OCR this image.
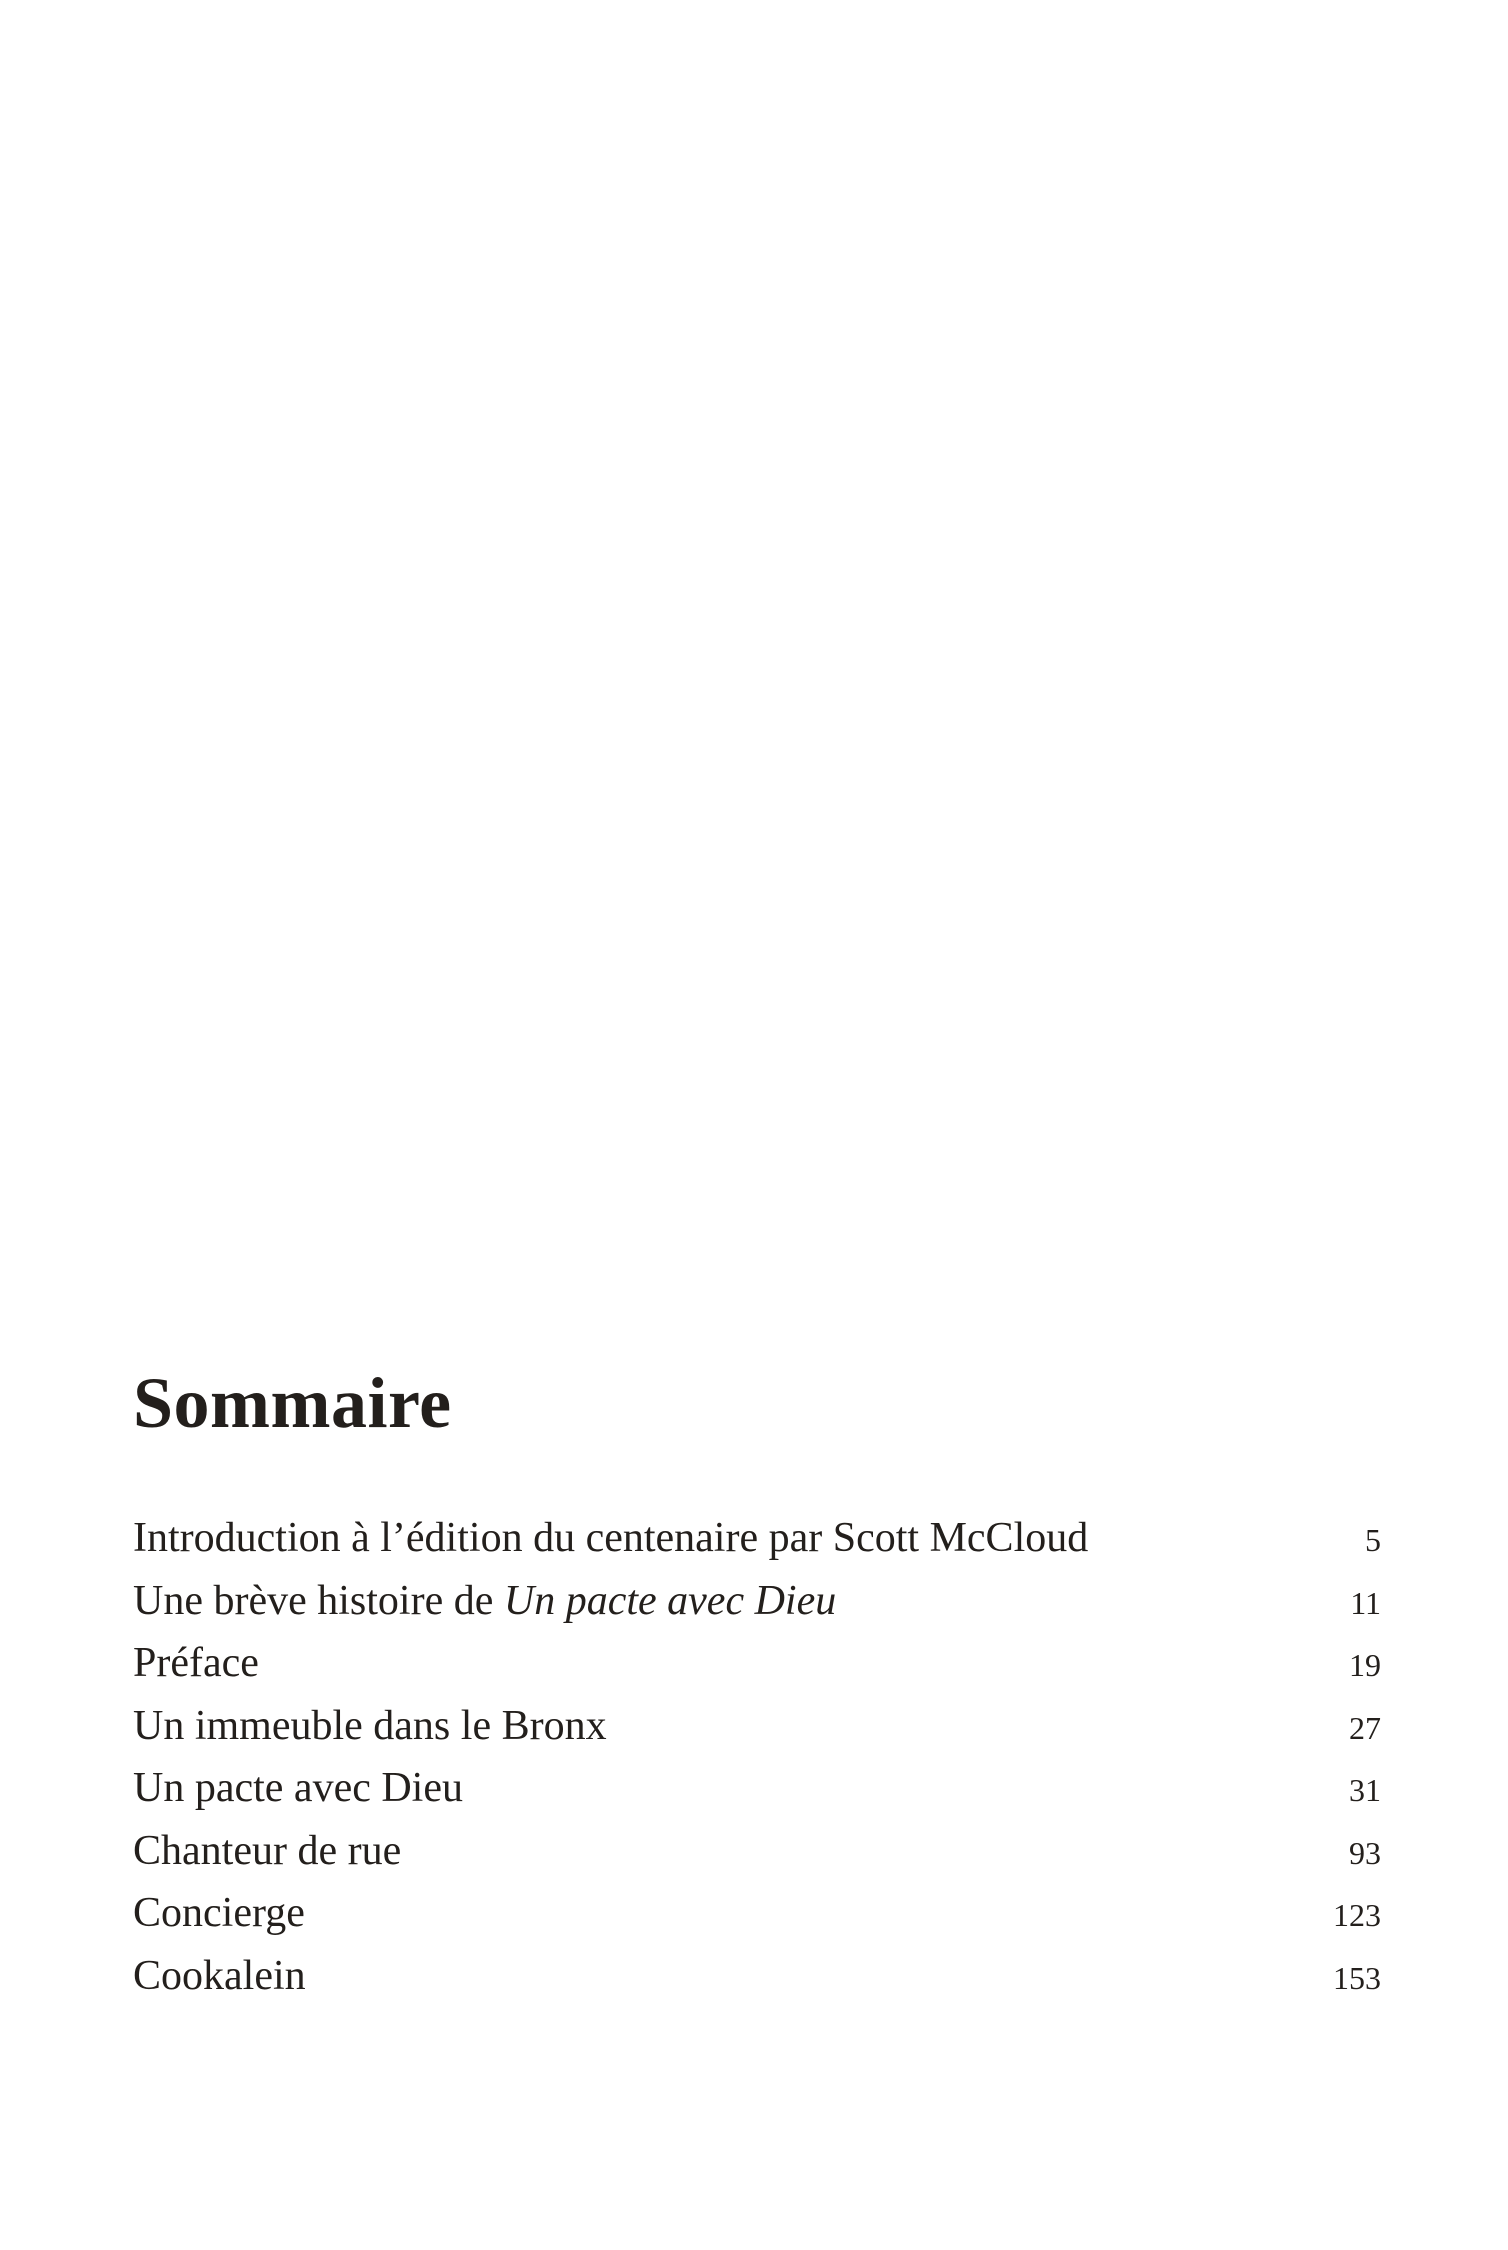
Sommaire
Introduction à l’édition du centenaire par Scott McCloud	5
Une brève histoire de Un pacte avec Dieu	11
Préface	19
Un immeuble dans le Bronx	27
Un pacte avec Dieu	31
Chanteur de rue	93
Concierge	123
Cookalein	153
